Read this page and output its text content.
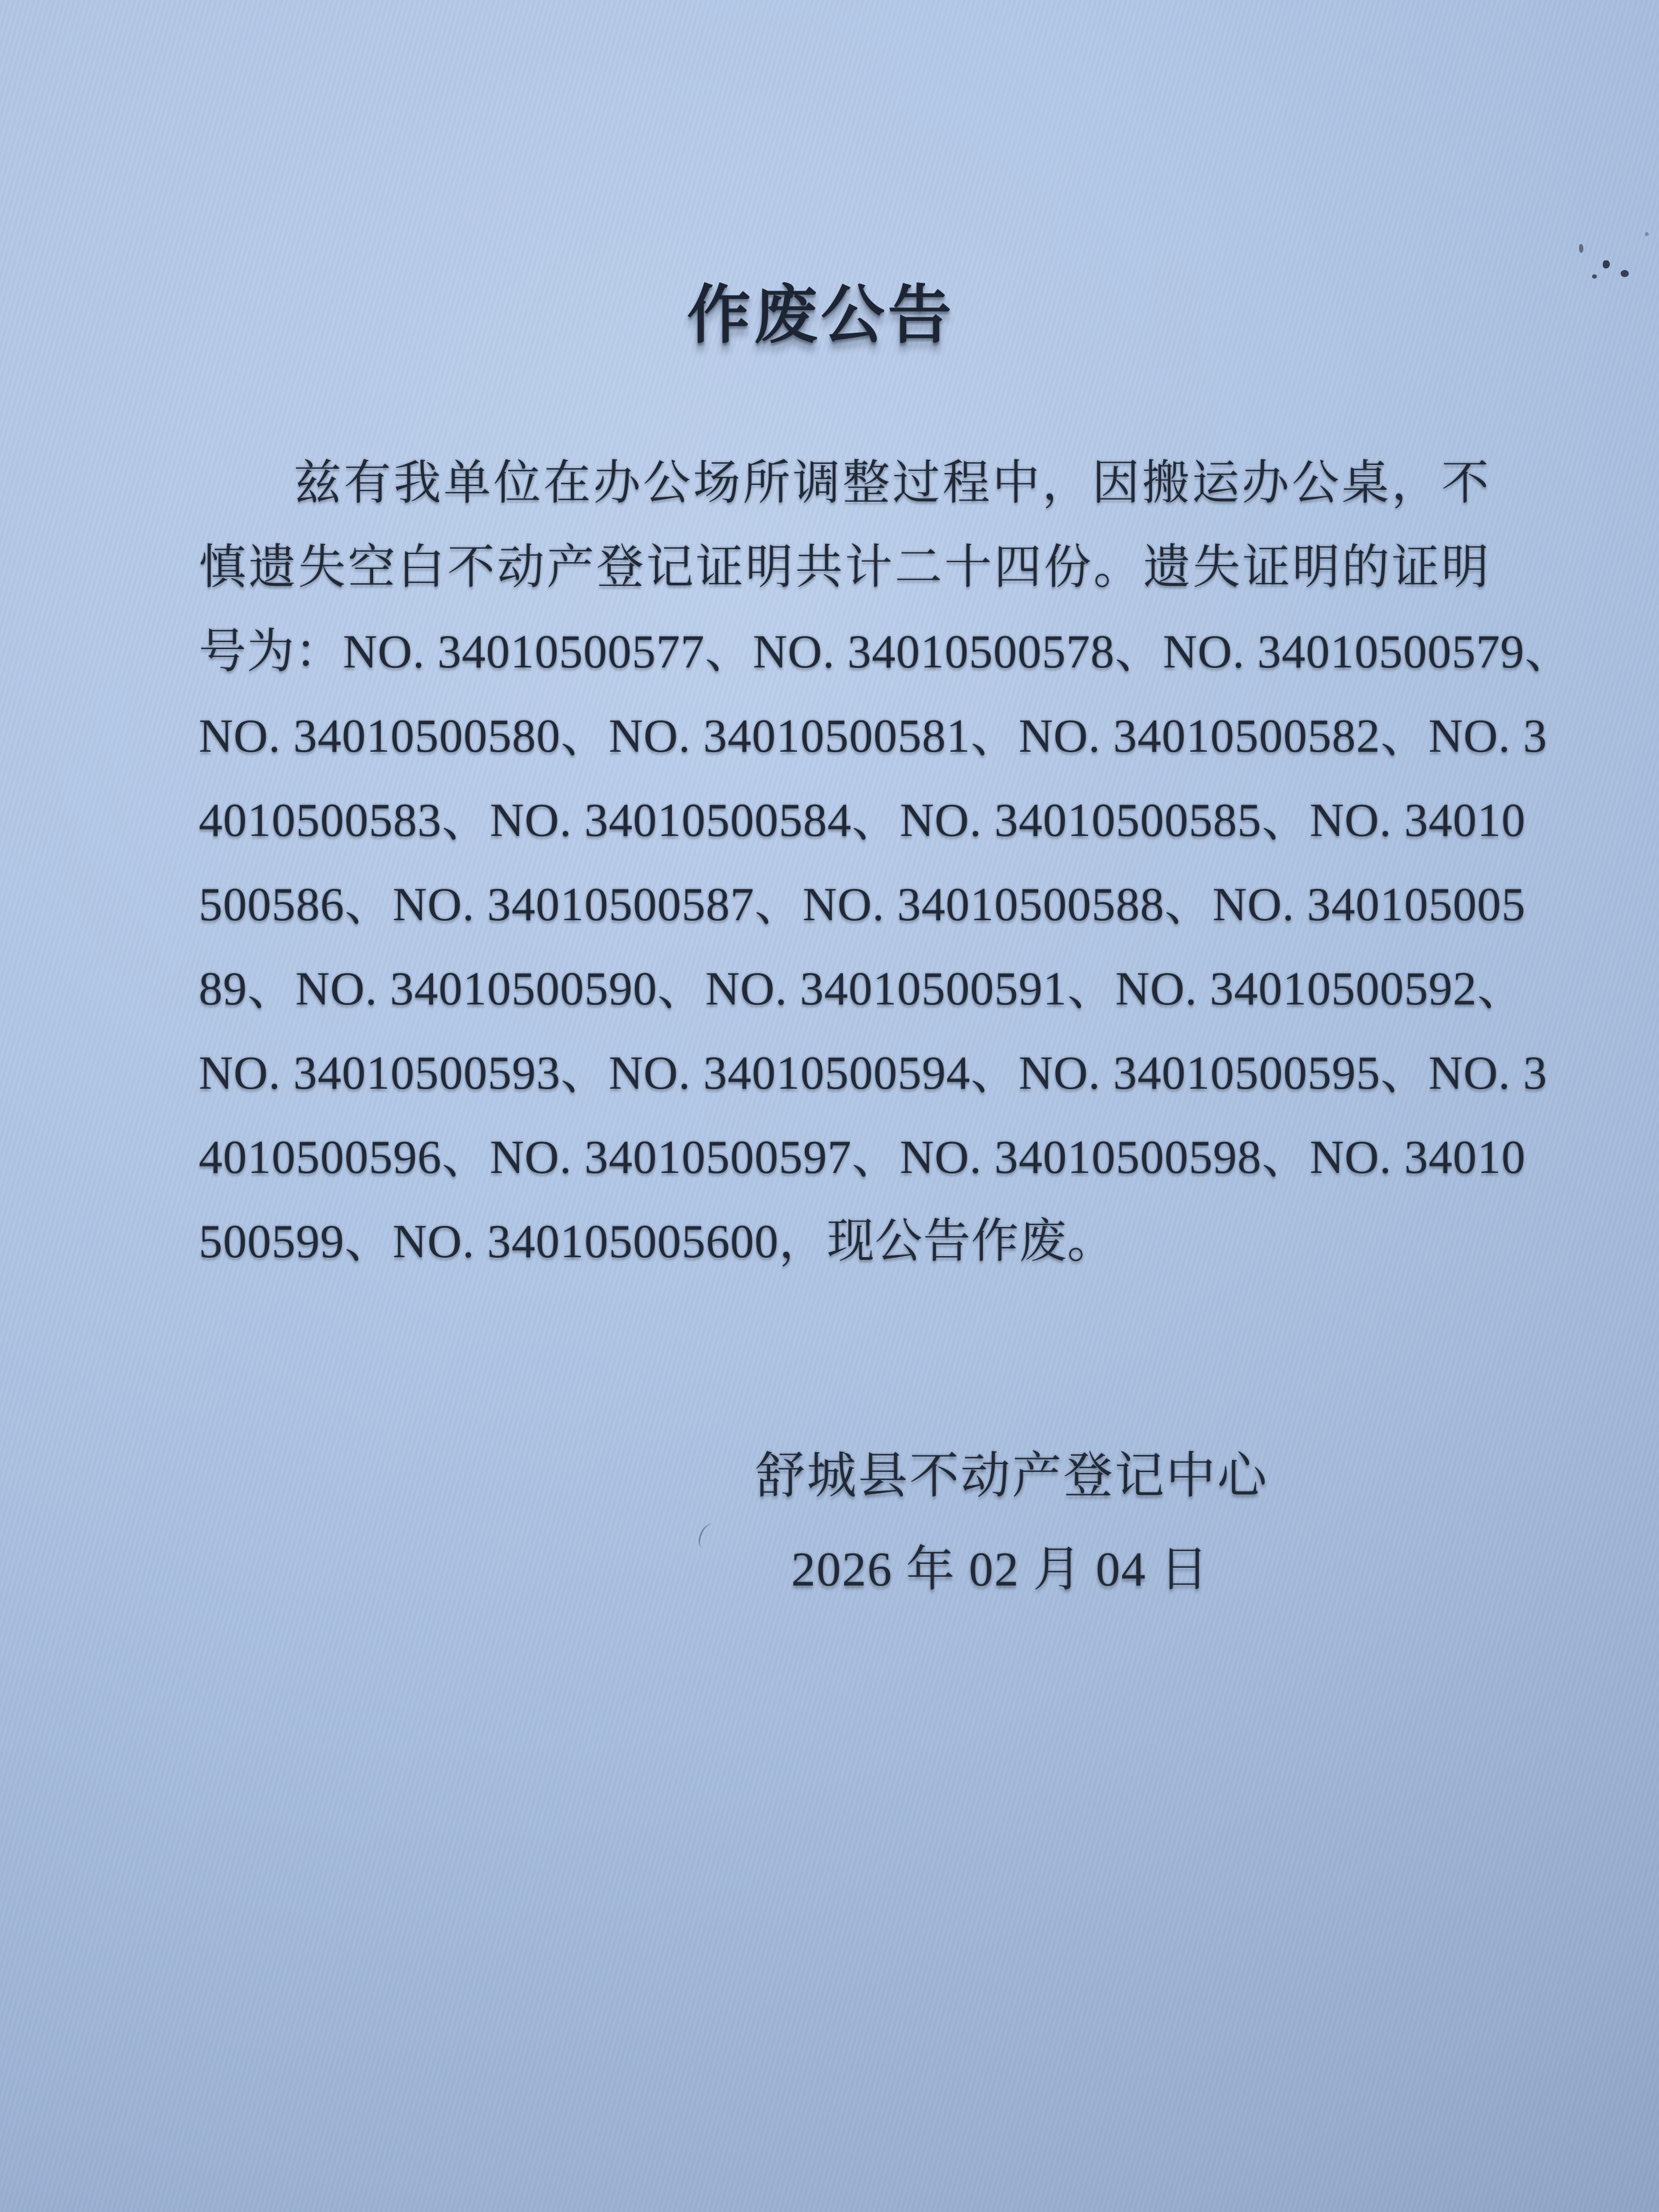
作废公告
兹有我单位在办公场所调整过程中，因搬运办公桌，不
慎遗失空白不动产登记证明共计二十四份。遗失证明的证明
号为：NO. 34010500577、NO. 34010500578、NO. 34010500579、
NO. 34010500580、NO. 34010500581、NO. 34010500582、NO. 3
4010500583、NO. 34010500584、NO. 34010500585、NO. 34010
500586、NO. 34010500587、NO. 34010500588、NO. 340105005
89、NO. 34010500590、NO. 34010500591、NO. 34010500592、
NO. 34010500593、NO. 34010500594、NO. 34010500595、NO. 3
4010500596、NO. 34010500597、NO. 34010500598、NO. 34010
500599、NO. 340105005600，现公告作废。
舒城县不动产登记中心
2026 年 02 月 04 日
